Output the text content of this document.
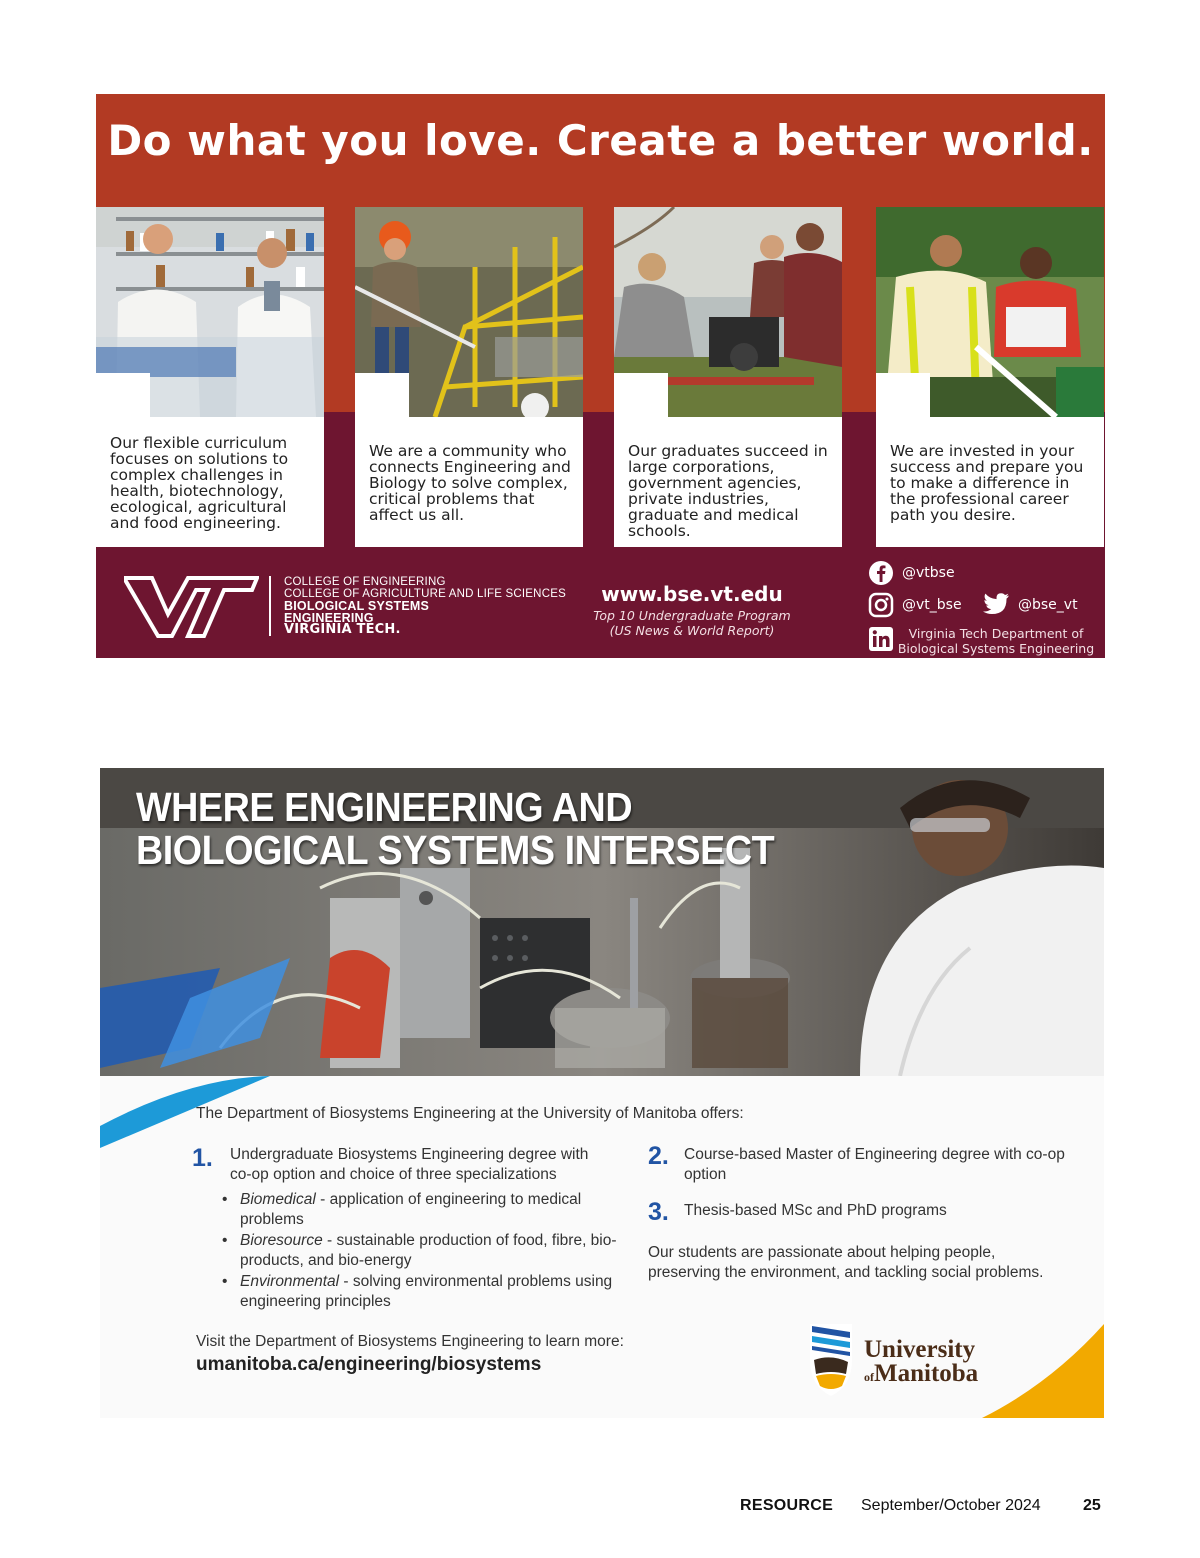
Do what you love. Create a better world.
Our flexible curriculum focuses on solutions to complex challenges in health, biotechnology, ecological, agricultural and food engineering.
We are a community who connects Engineering and Biology to solve complex, critical problems that affect us all.
Our graduates succeed in large corporations, government agencies, private industries, graduate and medical schools.
We are invested in your success and prepare you to make a difference in the professional career path you desire.
COLLEGE OF ENGINEERING
COLLEGE OF AGRICULTURE AND LIFE SCIENCES
BIOLOGICAL SYSTEMS
ENGINEERING
VIRGINIA TECH.
www.bse.vt.edu
Top 10 Undergraduate Program
(US News & World Report)
@vtbse
@vt_bse	@bse_vt
Virginia Tech Department of
Biological Systems Engineering
WHERE ENGINEERING AND
BIOLOGICAL SYSTEMS INTERSECT
The Department of Biosystems Engineering at the University of Manitoba offers:
1. Undergraduate Biosystems Engineering degree with co-op option and choice of three specializations
• Biomedical - application of engineering to medical problems
• Bioresource - sustainable production of food, fibre, bio-products, and bio-energy
• Environmental - solving environmental problems using engineering principles
2. Course-based Master of Engineering degree with co-op option
3. Thesis-based MSc and PhD programs
Our students are passionate about helping people, preserving the environment, and tackling social problems.
Visit the Department of Biosystems Engineering to learn more:
umanitoba.ca/engineering/biosystems
University
ofManitoba
RESOURCE September/October 2024	25
